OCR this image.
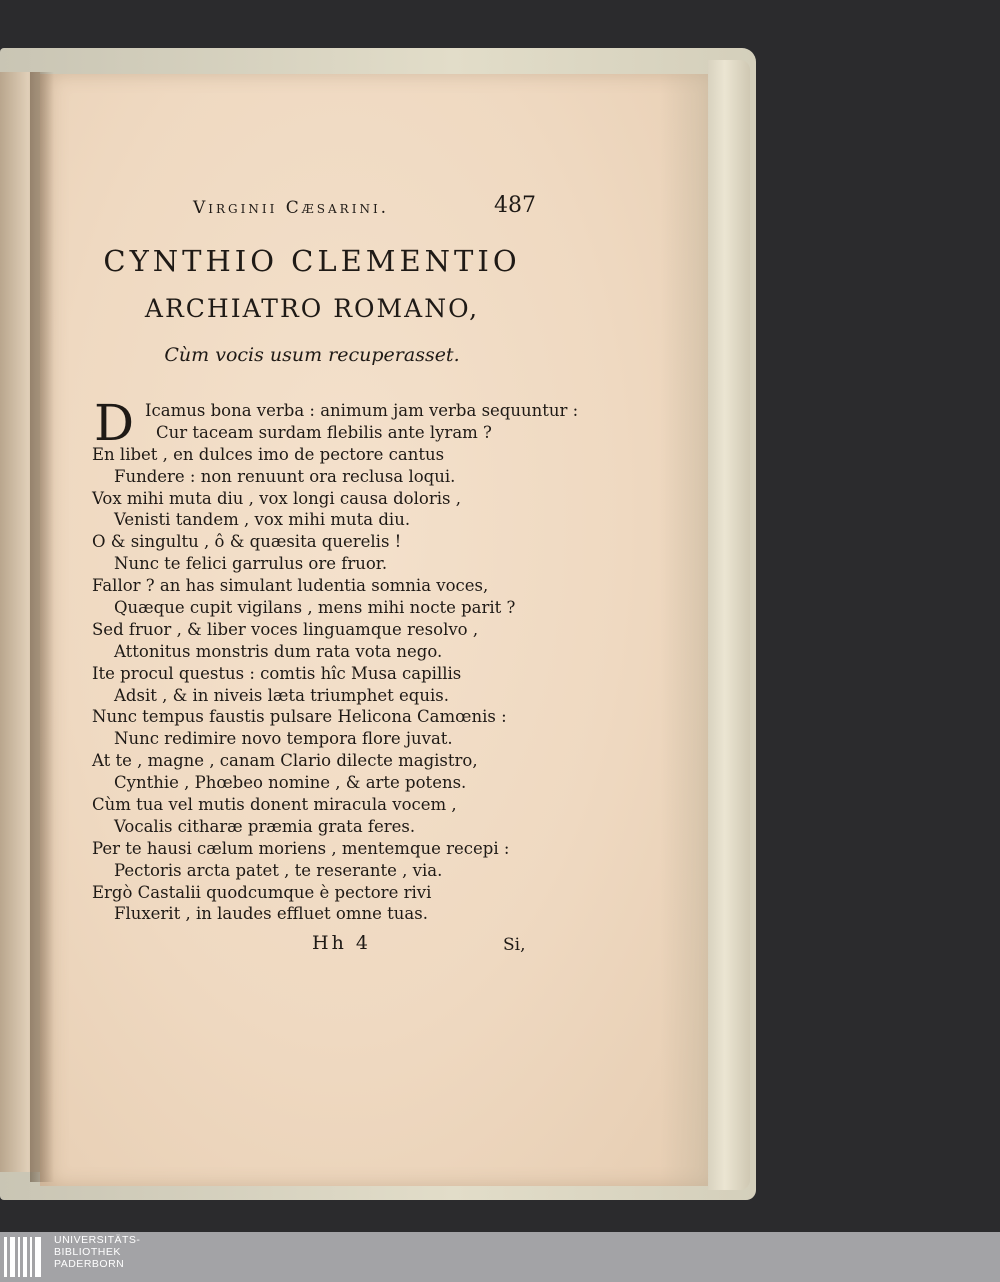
Virginii Cæsarini.	487
CYNTHIO CLEMENTIO
ARCHIATRO ROMANO,
Cùm vocis usum recuperasset.
D Icamus bona verba : animum jam verba sequuntur :
Cur taceam surdam flebilis ante lyram ?
En libet , en dulces imo de pectore cantus
Fundere : non renuunt ora reclusa loqui.
Vox mihi muta diu , vox longi causa doloris ,
Venisti tandem , vox mihi muta diu.
O & singultu , ô & quæsita querelis !
Nunc te felici garrulus ore fruor.
Fallor ? an has simulant ludentia somnia voces,
Quæque cupit vigilans , mens mihi nocte parit ?
Sed fruor , & liber voces linguamque resolvo ,
Attonitus monstris dum rata vota nego.
Ite procul questus : comtis hîc Musa capillis
Adsit , & in niveis læta triumphet equis.
Nunc tempus faustis pulsare Helicona Camœnis :
Nunc redimire novo tempora flore juvat.
At te , magne , canam Clario dilecte magistro,
Cynthie , Phœbeo nomine , & arte potens.
Cùm tua vel mutis donent miracula vocem ,
Vocalis citharæ præmia grata feres.
Per te hausi cælum moriens , mentemque recepi :
Pectoris arcta patet , te reserante , via.
Ergò Castalii quodcumque è pectore rivi
Fluxerit , in laudes effluet omne tuas.
Hh 4	Si,
UNIVERSITÄTS-
BIBLIOTHEK
PADERBORN
